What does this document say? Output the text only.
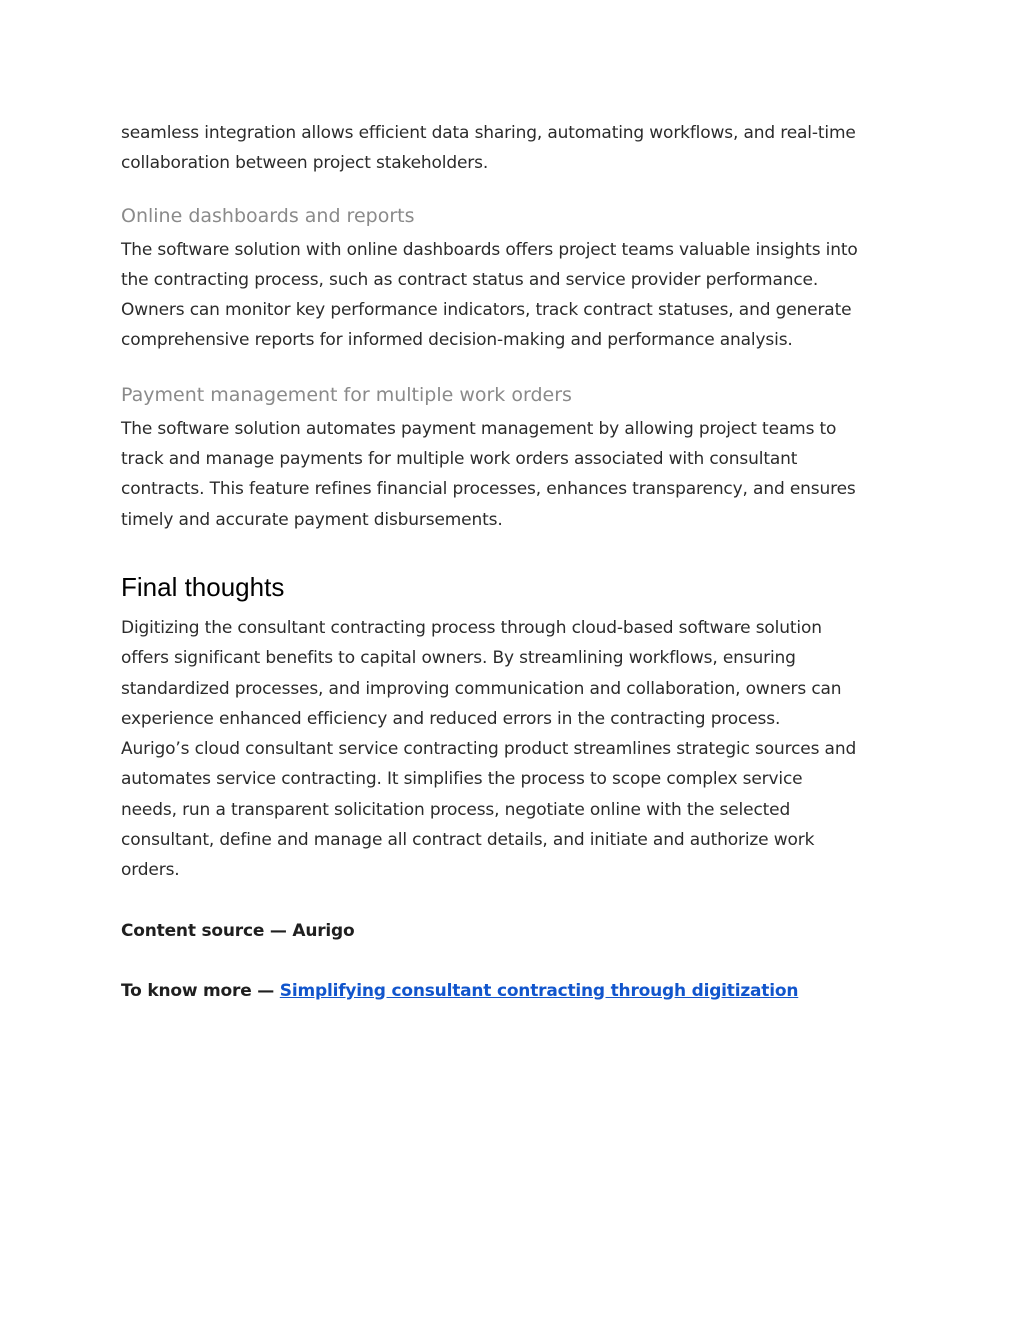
seamless integration allows efficient data sharing, automating workflows, and real-time
collaboration between project stakeholders.

Online dashboards and reports

The software solution with online dashboards offers project teams valuable insights into
the contracting process, such as contract status and service provider performance.
Owners can monitor key performance indicators, track contract statuses, and generate
comprehensive reports for informed decision-making and performance analysis.

Payment management for multiple work orders

The software solution automates payment management by allowing project teams to
track and manage payments for multiple work orders associated with consultant
contracts. This feature refines financial processes, enhances transparency, and ensures
timely and accurate payment disbursements.

Final thoughts

Digitizing the consultant contracting process through cloud-based software solution
offers significant benefits to capital owners. By streamlining workflows, ensuring
standardized processes, and improving communication and collaboration, owners can
experience enhanced efficiency and reduced errors in the contracting process.
Aurigo’s cloud consultant service contracting product streamlines strategic sources and
automates service contracting. It simplifies the process to scope complex service
needs, run a transparent solicitation process, negotiate online with the selected
consultant, define and manage all contract details, and initiate and authorize work
orders.

Content source — Aurigo

To know more — Simplifying consultant contracting through digitization
